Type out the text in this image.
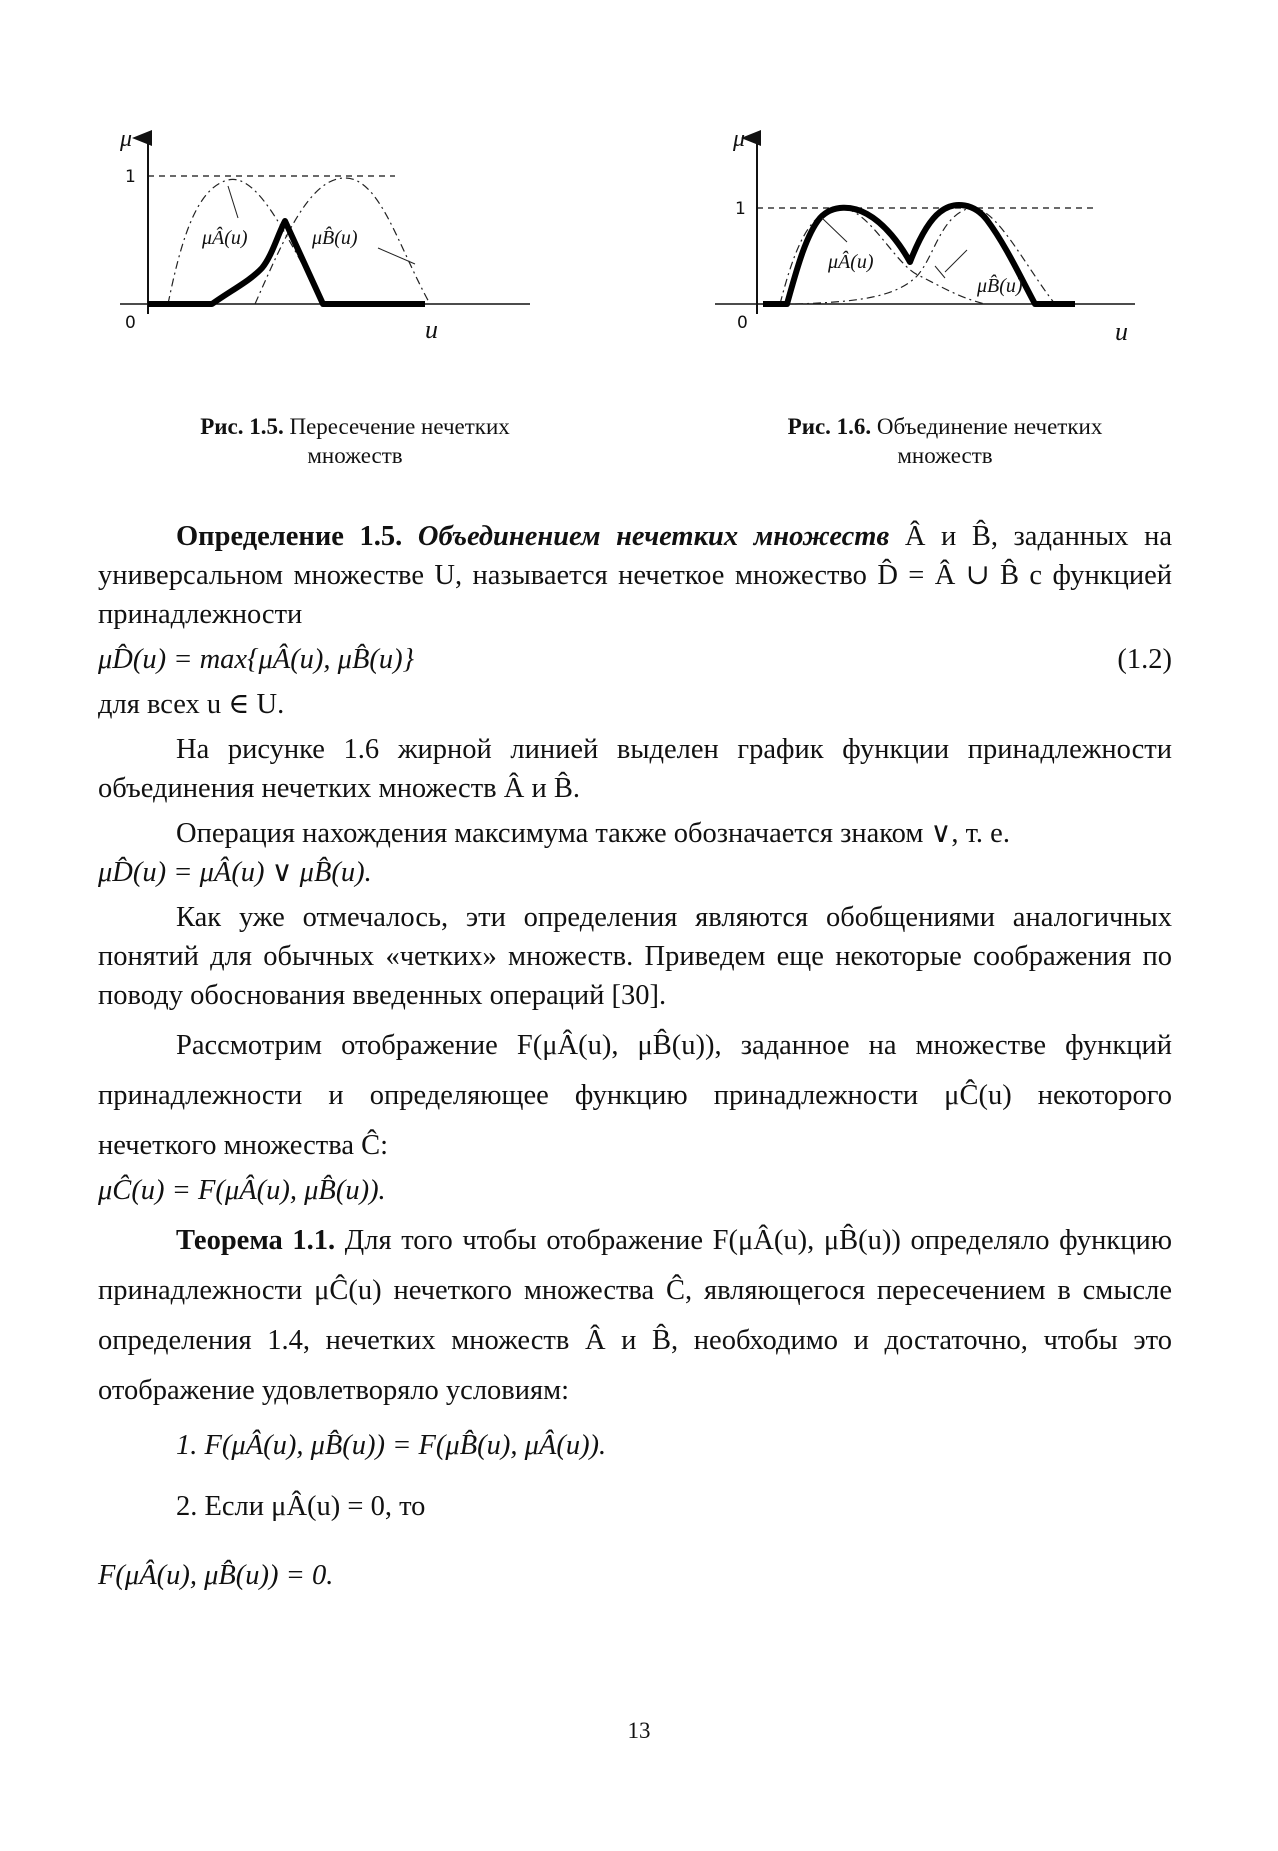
μ
1
0	u
μÂ(u)	μB̂(u)
Рис. 1.5. Пересечение нечетких
множеств
μ
1
0	u
μÂ(u)
μB̂(u)
Рис. 1.6. Объединение нечетких
множеств

Определение 1.5. Объединением нечетких множеств Â и B̂, заданных на универсальном множестве U, называется нечеткое множество D̂ = Â ∪ B̂ с функцией принадлежности

μD̂(u) = max{μÂ(u), μB̂(u)}	(1.2)

для всех u ∈ U.

На рисунке 1.6 жирной линией выделен график функции принадлежности объединения нечетких множеств Â и B̂.

Операция нахождения максимума также обозначается знаком ∨, т. е.

μD̂(u) = μÂ(u) ∨ μB̂(u).

Как уже отмечалось, эти определения являются обобщениями аналогичных понятий для обычных «четких» множеств. Приведем еще некоторые соображения по поводу обоснования введенных операций [30].

Рассмотрим отображение F(μÂ(u), μB̂(u)), заданное на множестве функций принадлежности и определяющее функцию принадлежности μĈ(u) некоторого нечеткого множества Ĉ:

μĈ(u) = F(μÂ(u), μB̂(u)).

Теорема 1.1. Для того чтобы отображение F(μÂ(u), μB̂(u)) определяло функцию принадлежности μĈ(u) нечеткого множества Ĉ, являющегося пересечением в смысле определения 1.4, нечетких множеств Â и B̂, необходимо и достаточно, чтобы это отображение удовлетворяло условиям:

1. F(μÂ(u), μB̂(u)) = F(μB̂(u), μÂ(u)).

2. Если μÂ(u) = 0, то

F(μÂ(u), μB̂(u)) = 0.

13
